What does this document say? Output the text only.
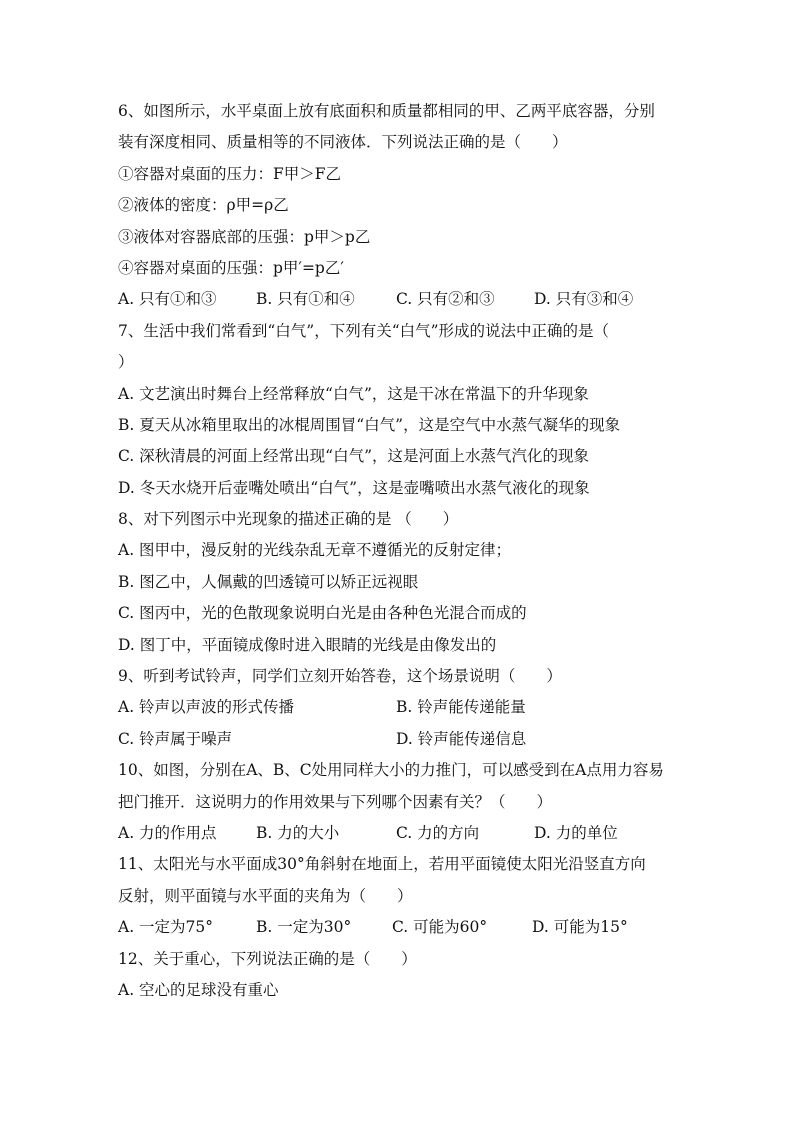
6、如图所示，水平桌面上放有底面积和质量都相同的甲、乙两平底容器，分别
装有深度相同、质量相等的不同液体．下列说法正确的是（　　）
①容器对桌面的压力：F甲＞F乙
②液体的密度：ρ甲=ρ乙
③液体对容器底部的压强：p甲＞p乙
④容器对桌面的压强：p甲′=p乙′
A. 只有①和③	B. 只有①和④	C. 只有②和③	D. 只有③和④
7、生活中我们常看到“白气”，下列有关“白气”形成的说法中正确的是（
）
A. 文艺演出时舞台上经常释放“白气”，这是干冰在常温下的升华现象
B. 夏天从冰箱里取出的冰棍周围冒“白气”，这是空气中水蒸气凝华的现象
C. 深秋清晨的河面上经常出现“白气”，这是河面上水蒸气汽化的现象
D. 冬天水烧开后壶嘴处喷出“白气”，这是壶嘴喷出水蒸气液化的现象
8、对下列图示中光现象的描述正确的是 （　　）
A. 图甲中，漫反射的光线杂乱无章不遵循光的反射定律；
B. 图乙中，人佩戴的凹透镜可以矫正远视眼
C. 图丙中，光的色散现象说明白光是由各种色光混合而成的
D. 图丁中，平面镜成像时进入眼睛的光线是由像发出的
9、听到考试铃声，同学们立刻开始答卷，这个场景说明（　　）
A. 铃声以声波的形式传播	B. 铃声能传递能量
C. 铃声属于噪声	D. 铃声能传递信息
10、如图，分别在A、B、C处用同样大小的力推门，可以感受到在A点用力容易
把门推开．这说明力的作用效果与下列哪个因素有关？（　　）
A. 力的作用点	B. 力的大小	C. 力的方向	D. 力的单位
11、太阳光与水平面成30°角斜射在地面上，若用平面镜使太阳光沿竖直方向
反射，则平面镜与水平面的夹角为（　　）
A. 一定为75°	B. 一定为30°	C. 可能为60°	D. 可能为15°
12、关于重心，下列说法正确的是（　　）
A. 空心的足球没有重心
